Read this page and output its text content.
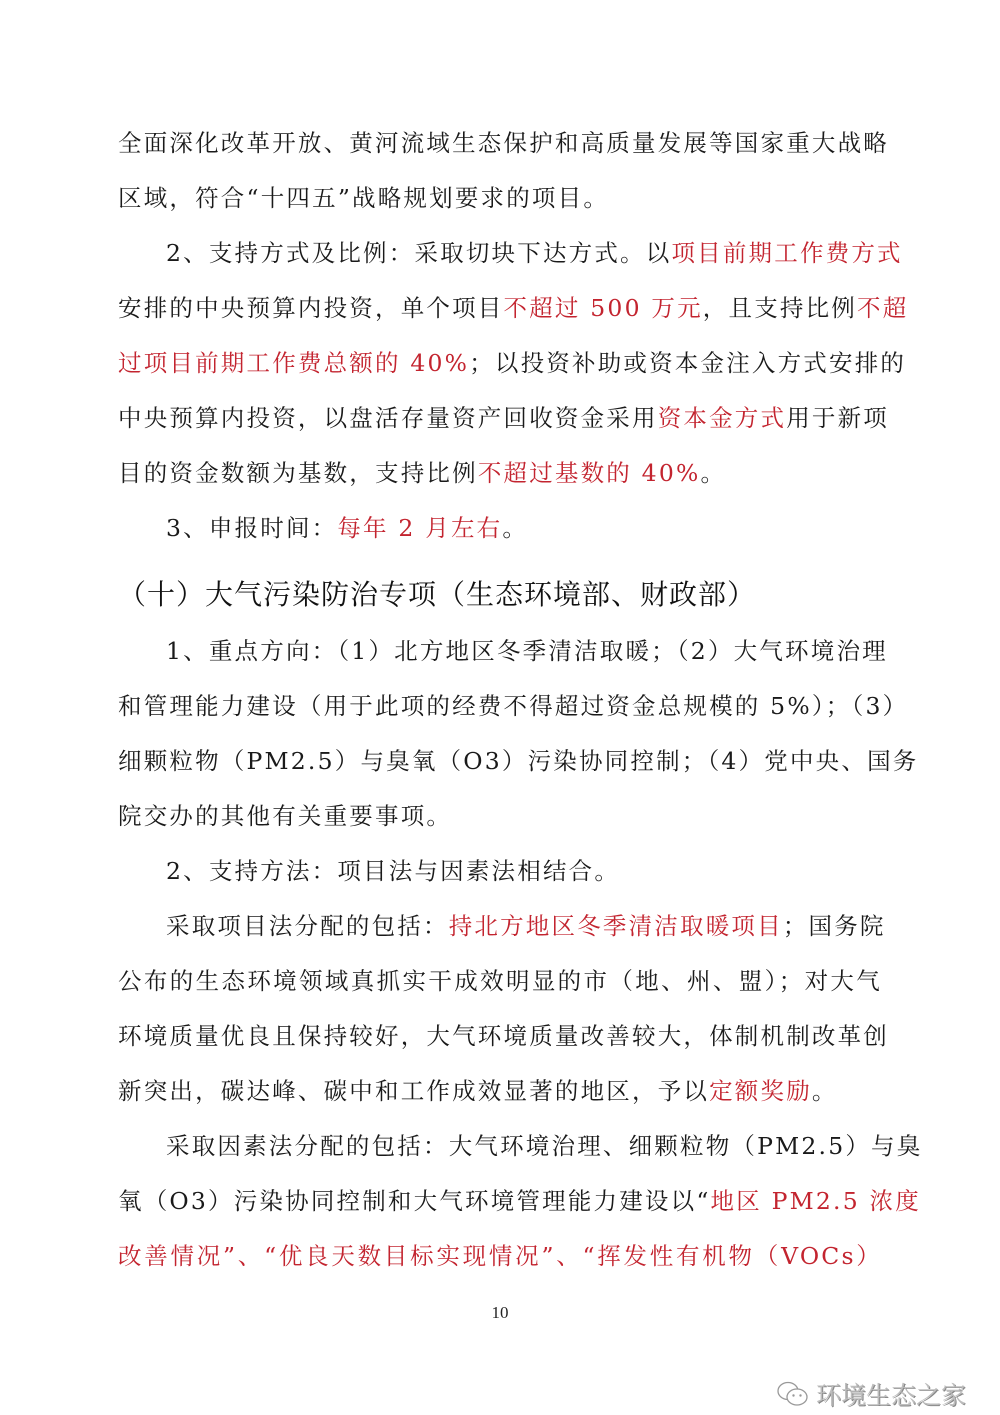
全面深化改革开放、黄河流域生态保护和高质量发展等国家重大战略
区域，符合“十四五”战略规划要求的项目。
2、支持方式及比例：采取切块下达方式。以项目前期工作费方式
安排的中央预算内投资，单个项目不超过 500 万元，且支持比例不超
过项目前期工作费总额的 40%；以投资补助或资本金注入方式安排的
中央预算内投资，以盘活存量资产回收资金采用资本金方式用于新项
目的资金数额为基数，支持比例不超过基数的 40%。
3、申报时间：每年 2 月左右。
（十）大气污染防治专项（生态环境部、财政部）
1、重点方向：（1）北方地区冬季清洁取暖；（2）大气环境治理
和管理能力建设（用于此项的经费不得超过资金总规模的 5%）；（3）
细颗粒物（PM2.5）与臭氧（O3）污染协同控制；（4）党中央、国务
院交办的其他有关重要事项。
2、支持方法：项目法与因素法相结合。
采取项目法分配的包括：持北方地区冬季清洁取暖项目；国务院
公布的生态环境领域真抓实干成效明显的市（地、州、盟）；对大气
环境质量优良且保持较好，大气环境质量改善较大，体制机制改革创
新突出，碳达峰、碳中和工作成效显著的地区，予以定额奖励。
采取因素法分配的包括：大气环境治理、细颗粒物（PM2.5）与臭
氧（O3）污染协同控制和大气环境管理能力建设以“地区 PM2.5 浓度
改善情况”、“优良天数目标实现情况”、“挥发性有机物（VOCs）
10
环境生态之家
